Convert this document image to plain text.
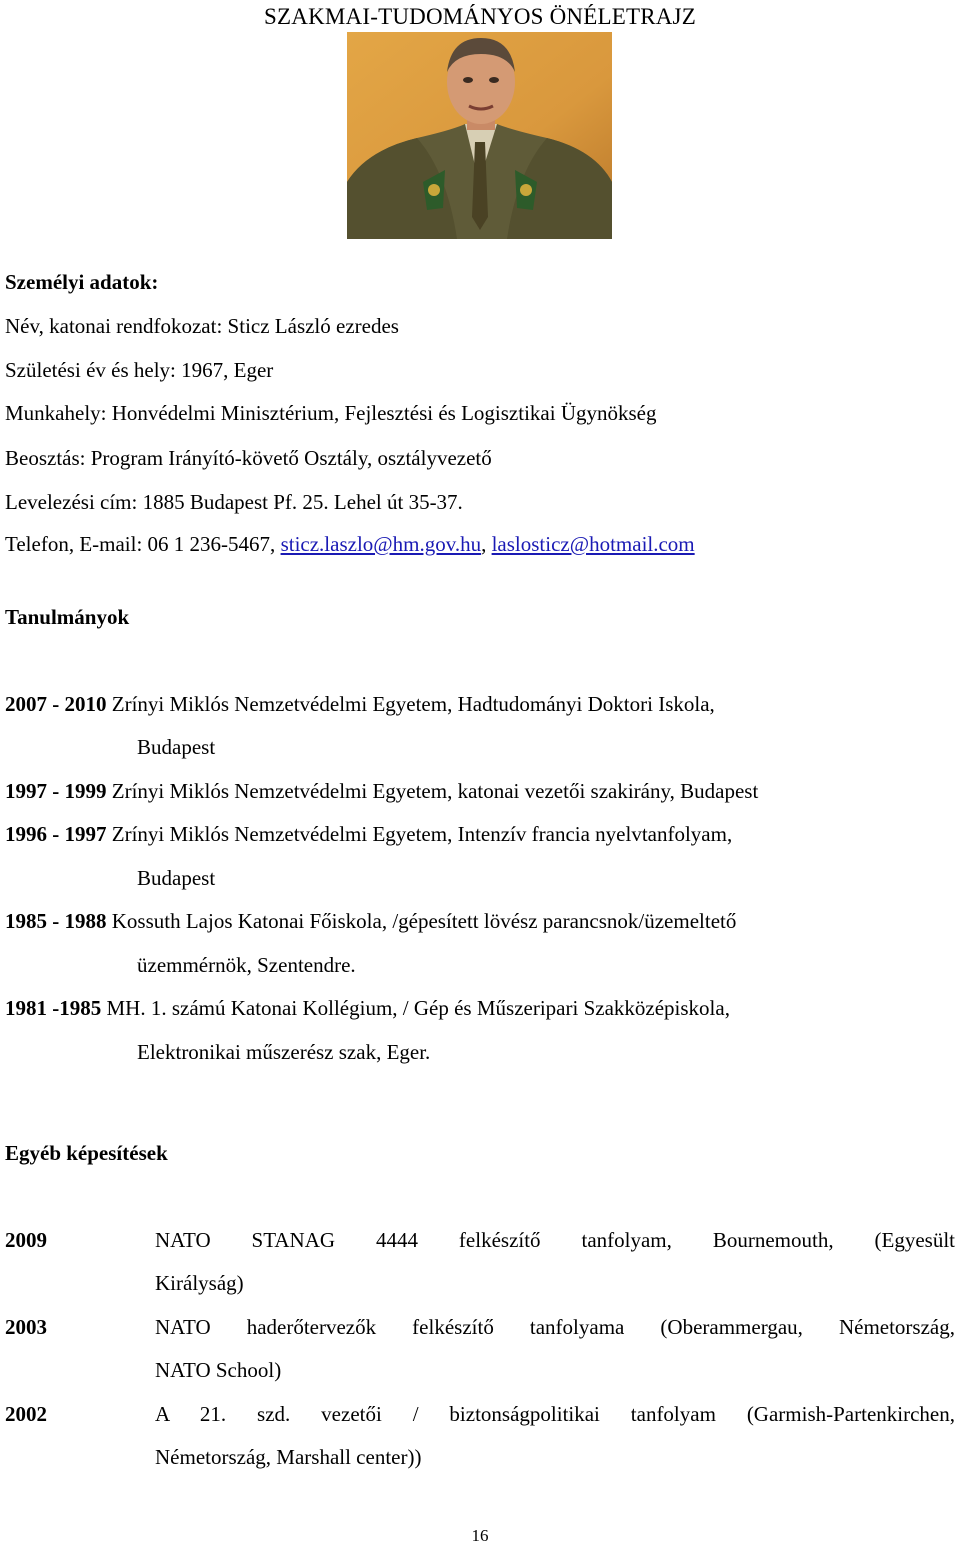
SZAKMAI-TUDOMÁNYOS ÖNÉLETRAJZ
Személyi adatok:
Név, katonai rendfokozat: Sticz László ezredes
Születési év és hely: 1967, Eger
Munkahely: Honvédelmi Minisztérium, Fejlesztési és Logisztikai Ügynökség
Beosztás: Program Irányító-követő Osztály, osztályvezető
Levelezési cím: 1885 Budapest Pf. 25. Lehel út 35-37.
Telefon, E-mail: 06 1 236-5467, sticz.laszlo@hm.gov.hu, laslosticz@hotmail.com
Tanulmányok
2007 - 2010 Zrínyi Miklós Nemzetvédelmi Egyetem, Hadtudományi Doktori Iskola,
Budapest
1997 - 1999 Zrínyi Miklós Nemzetvédelmi Egyetem, katonai vezetői szakirány, Budapest
1996 - 1997 Zrínyi Miklós Nemzetvédelmi Egyetem, Intenzív francia nyelvtanfolyam,
Budapest
1985 - 1988 Kossuth Lajos Katonai Főiskola, /gépesített lövész parancsnok/üzemeltető
üzemmérnök, Szentendre.
1981 -1985 MH. 1. számú Katonai Kollégium, / Gép és Műszeripari Szakközépiskola,
Elektronikai műszerész szak, Eger.
Egyéb képesítések
2009	NATO STANAG 4444 felkészítő tanfolyam, Bournemouth, (Egyesült
Királyság)
2003	NATO haderőtervezők felkészítő tanfolyama (Oberammergau, Németország,
NATO School)
2002	A 21. szd. vezetői / biztonságpolitikai tanfolyam (Garmish-Partenkirchen,
Németország, Marshall center))
16
